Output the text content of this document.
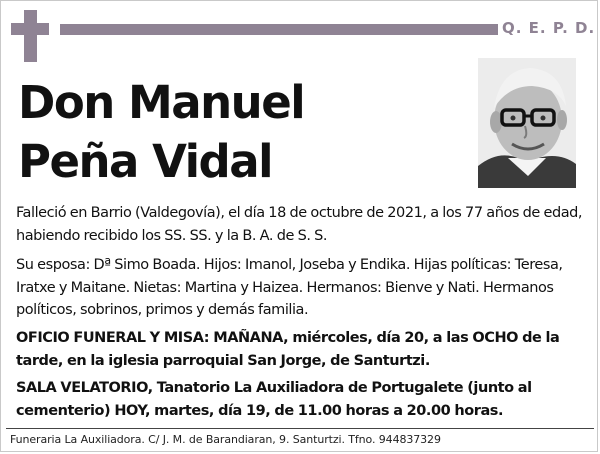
Q. E. P. D.
Don Manuel
Peña Vidal
Falleció en Barrio (Valdegovía), el día 18 de octubre de 2021, a los 77 años de edad, habiendo recibido los SS. SS. y la B. A. de S. S.
Su esposa: Dª Simo Boada. Hijos: Imanol, Joseba y Endika. Hijas políticas: Teresa, Iratxe y Maitane. Nietas: Martina y Haizea. Hermanos: Bienve y Nati. Hermanos políticos, sobrinos, primos y demás familia.
OFICIO FUNERAL Y MISA: MAÑANA, miércoles, día 20, a las OCHO de la tarde, en la iglesia parroquial San Jorge, de Santurtzi.
SALA VELATORIO, Tanatorio La Auxiliadora de Portugalete (junto al cementerio) HOY, martes, día 19, de 11.00 horas a 20.00 horas.
Funeraria La Auxiliadora. C/ J. M. de Barandiaran, 9. Santurtzi. Tfno. 944837329
